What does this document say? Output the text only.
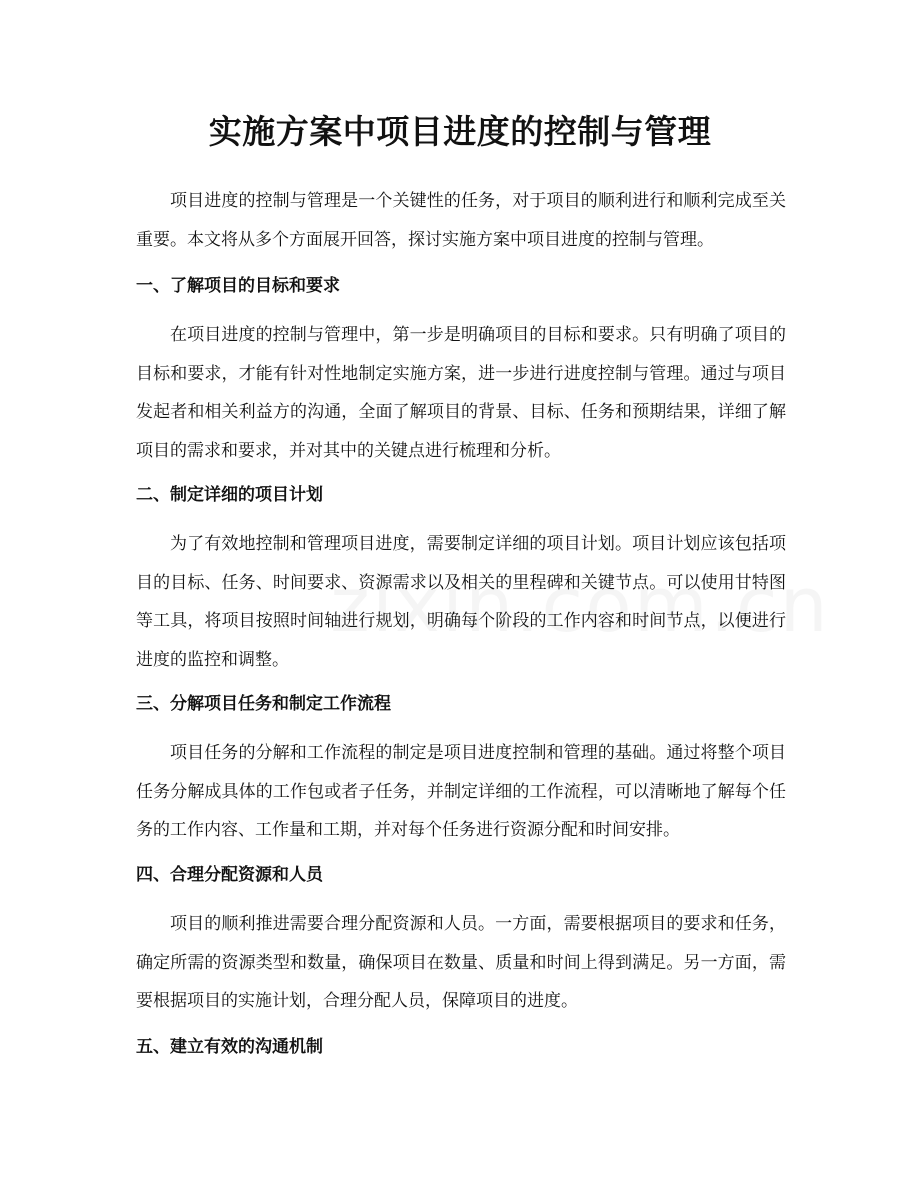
实施方案中项目进度的控制与管理

项目进度的控制与管理是一个关键性的任务，对于项目的顺利进行和顺利完成至关重要。本文将从多个方面展开回答，探讨实施方案中项目进度的控制与管理。

一、了解项目的目标和要求

在项目进度的控制与管理中，第一步是明确项目的目标和要求。只有明确了项目的目标和要求，才能有针对性地制定实施方案，进一步进行进度控制与管理。通过与项目发起者和相关利益方的沟通，全面了解项目的背景、目标、任务和预期结果，详细了解项目的需求和要求，并对其中的关键点进行梳理和分析。

二、制定详细的项目计划

为了有效地控制和管理项目进度，需要制定详细的项目计划。项目计划应该包括项目的目标、任务、时间要求、资源需求以及相关的里程碑和关键节点。可以使用甘特图等工具，将项目按照时间轴进行规划，明确每个阶段的工作内容和时间节点，以便进行进度的监控和调整。

三、分解项目任务和制定工作流程

项目任务的分解和工作流程的制定是项目进度控制和管理的基础。通过将整个项目任务分解成具体的工作包或者子任务，并制定详细的工作流程，可以清晰地了解每个任务的工作内容、工作量和工期，并对每个任务进行资源分配和时间安排。

四、合理分配资源和人员

项目的顺利推进需要合理分配资源和人员。一方面，需要根据项目的要求和任务，确定所需的资源类型和数量，确保项目在数量、质量和时间上得到满足。另一方面，需要根据项目的实施计划，合理分配人员，保障项目的进度。

五、建立有效的沟通机制
